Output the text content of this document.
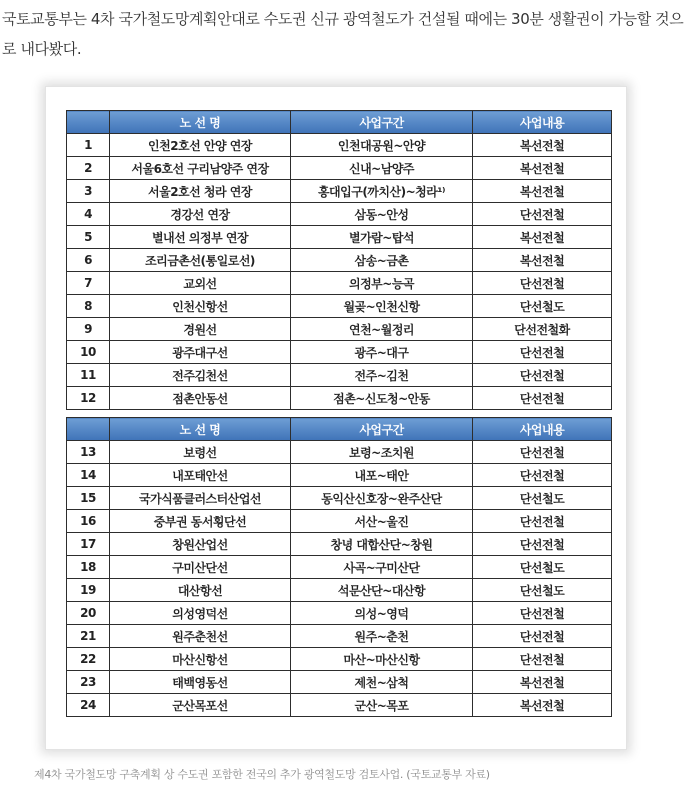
국토교통부는 4차 국가철도망계획안대로 수도권 신규 광역철도가 건설될 때에는 30분 생활권이 가능할 것으로 내다봤다.

	노 선 명	사업구간	사업내용
1	인천2호선 안양 연장	인천대공원~안양	복선전철
2	서울6호선 구리남양주 연장	신내~남양주	복선전철
3	서울2호선 청라 연장	홍대입구(까치산)~청라¹⁾	복선전철
4	경강선 연장	삼동~안성	단선전철
5	별내선 의정부 연장	별가람~탑석	복선전철
6	조리금촌선(통일로선)	삼송~금촌	복선전철
7	교외선	의정부~능곡	단선전철
8	인천신항선	월곶~인천신항	단선철도
9	경원선	연천~월정리	단선전철화
10	광주대구선	광주~대구	단선전철
11	전주김천선	전주~김천	단선전철
12	점촌안동선	점촌~신도청~안동	단선전철
	노 선 명	사업구간	사업내용
13	보령선	보령~조치원	단선전철
14	내포태안선	내포~태안	단선전철
15	국가식품클러스터산업선	동익산신호장~완주산단	단선철도
16	중부권 동서횡단선	서산~울진	단선전철
17	창원산업선	창녕 대합산단~창원	단선전철
18	구미산단선	사곡~구미산단	단선철도
19	대산항선	석문산단~대산항	단선철도
20	의성영덕선	의성~영덕	단선전철
21	원주춘천선	원주~춘천	단선전철
22	마산신항선	마산~마산신항	단선전철
23	태백영동선	제천~삼척	복선전철
24	군산목포선	군산~목포	복선전철

제4차 국가철도망 구축계획 상 수도권 포함한 전국의 추가 광역철도망 검토사업. (국토교통부 자료)
